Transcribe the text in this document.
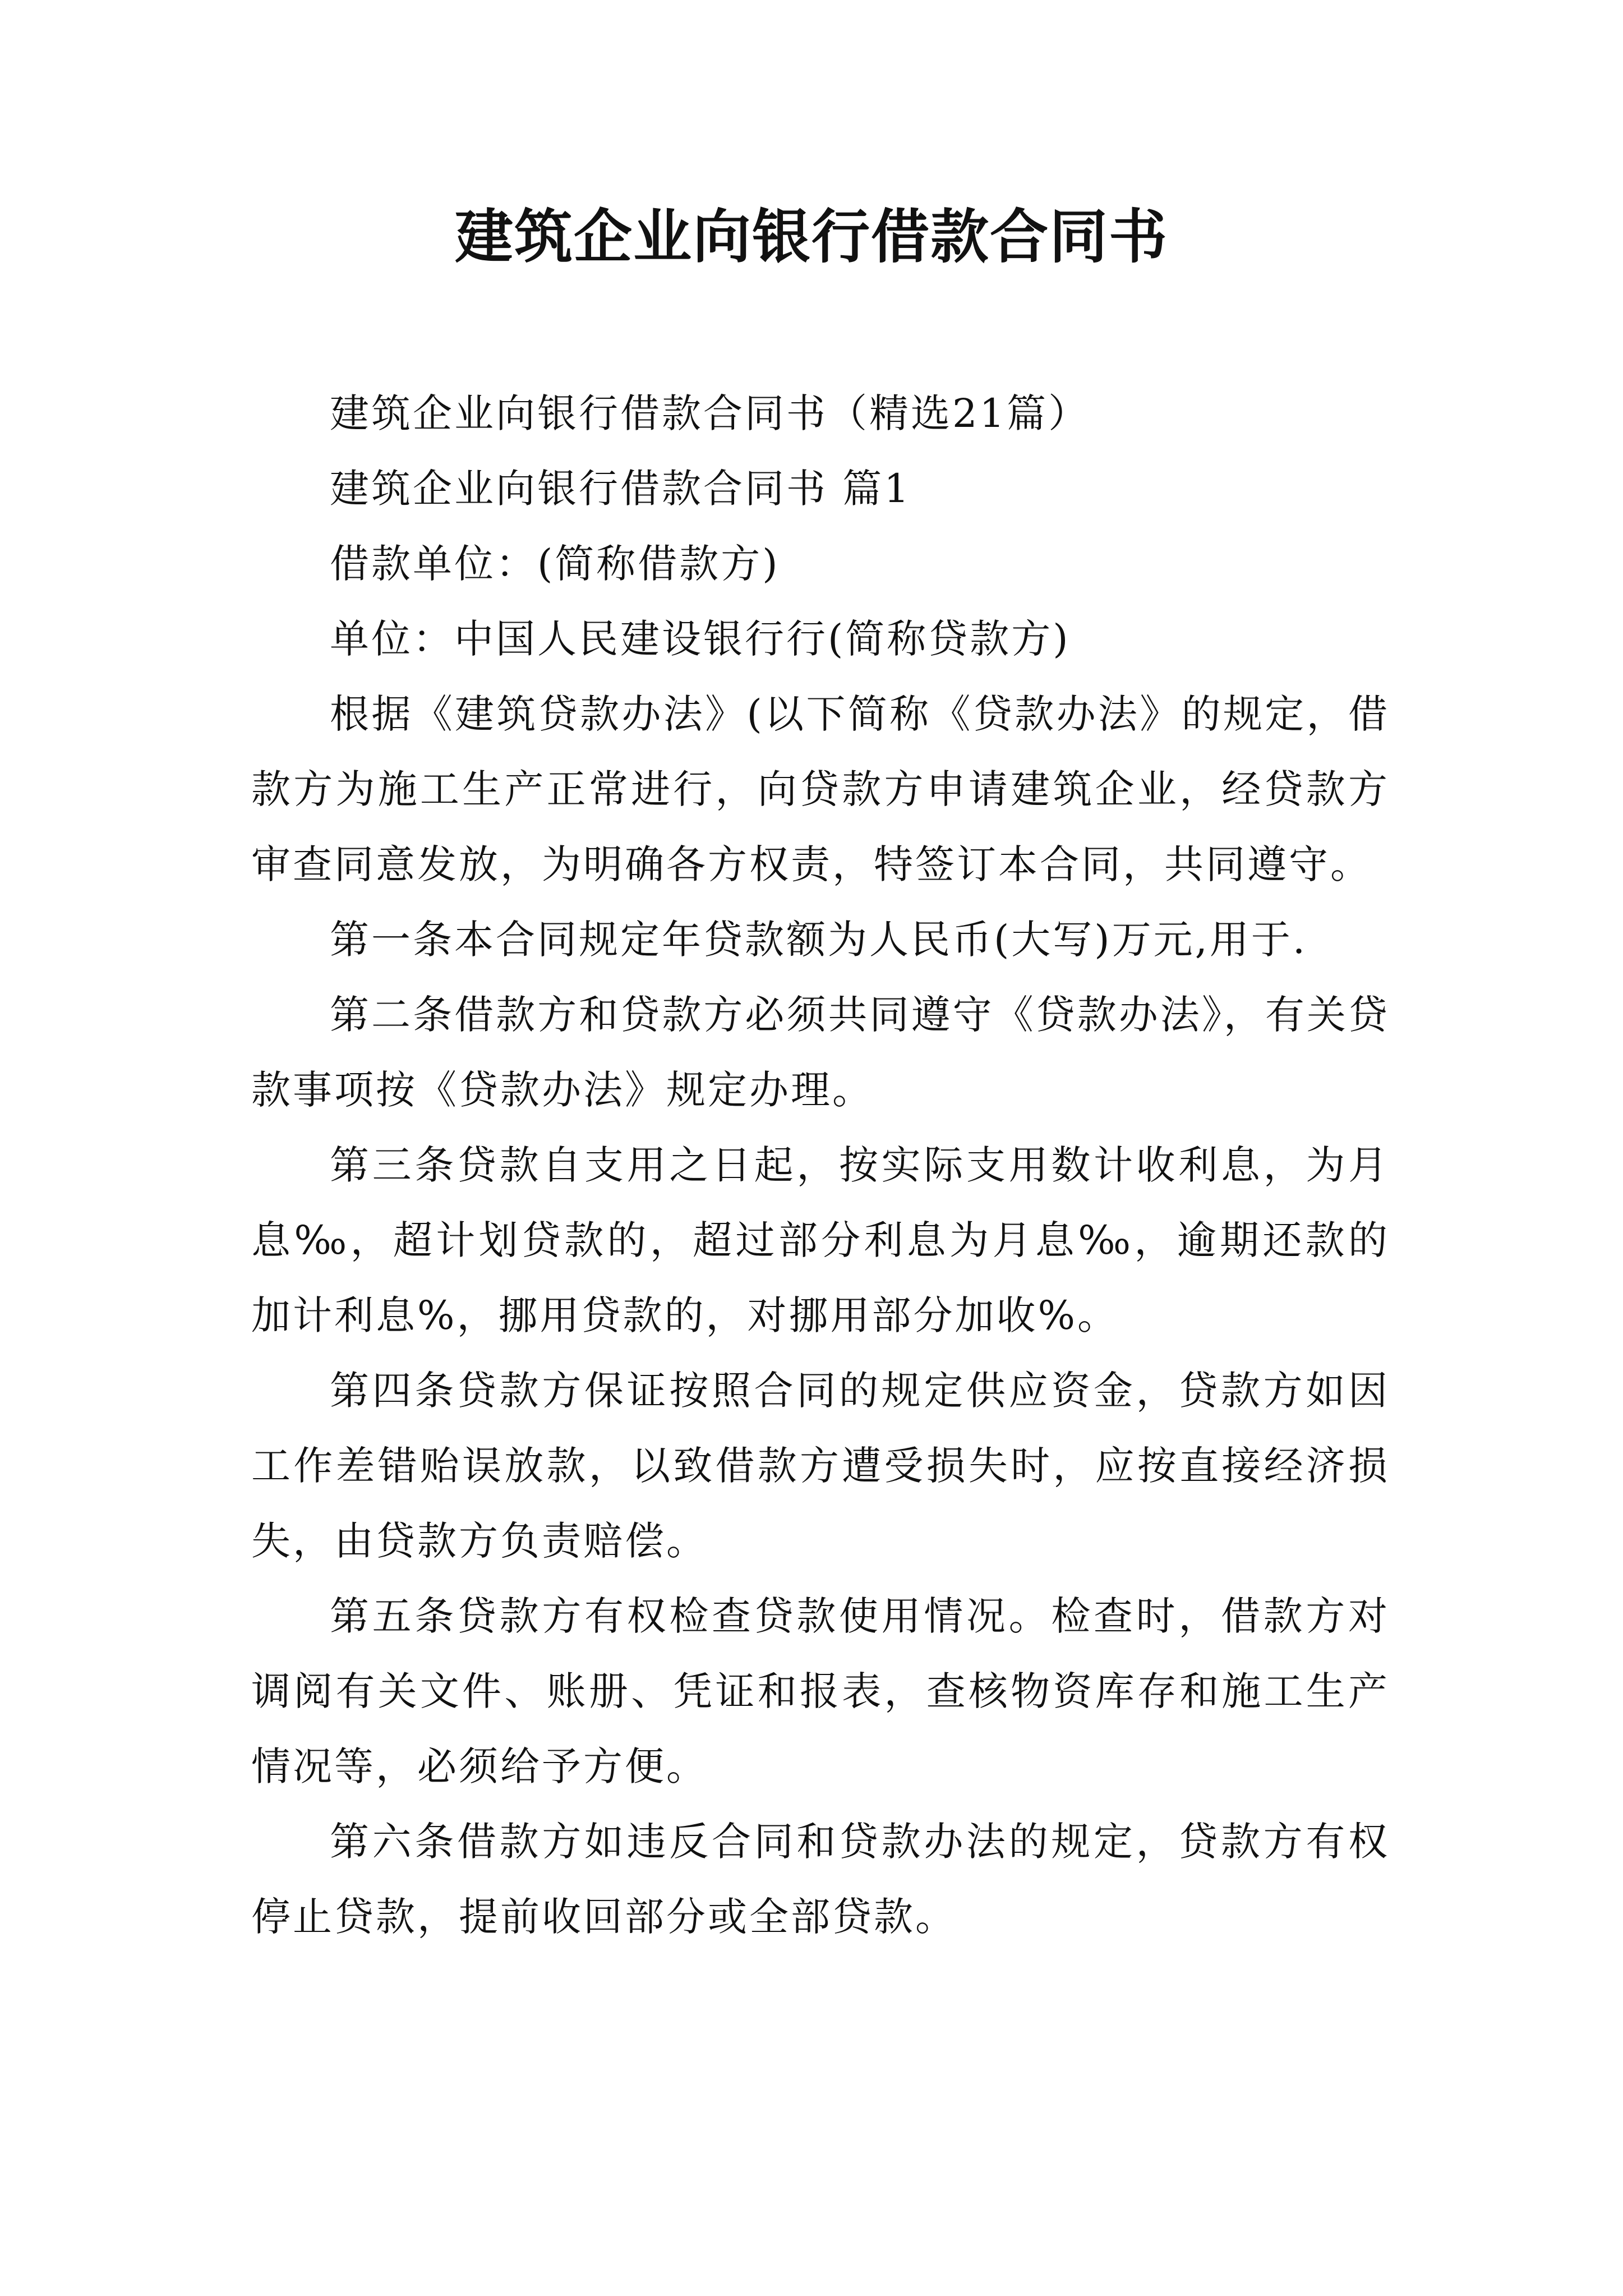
建筑企业向银行借款合同书

建筑企业向银行借款合同书（精选21篇）

建筑企业向银行借款合同书 篇1

借款单位：(简称借款方)

单位：中国人民建设银行行(简称贷款方)

根据《建筑贷款办法》(以下简称《贷款办法》的规定，借款方为施工生产正常进行，向贷款方申请建筑企业，经贷款方审查同意发放，为明确各方权责，特签订本合同，共同遵守。

第一条本合同规定年贷款额为人民币(大写)万元,用于.

第二条借款方和贷款方必须共同遵守《贷款办法》，有关贷款事项按《贷款办法》规定办理。

第三条贷款自支用之日起，按实际支用数计收利息，为月息‰，超计划贷款的，超过部分利息为月息‰，逾期还款的加计利息%，挪用贷款的，对挪用部分加收%。

第四条贷款方保证按照合同的规定供应资金，贷款方如因工作差错贻误放款，以致借款方遭受损失时，应按直接经济损失，由贷款方负责赔偿。

第五条贷款方有权检查贷款使用情况。检查时，借款方对调阅有关文件、账册、凭证和报表，查核物资库存和施工生产情况等，必须给予方便。

第六条借款方如违反合同和贷款办法的规定，贷款方有权停止贷款，提前收回部分或全部贷款。
